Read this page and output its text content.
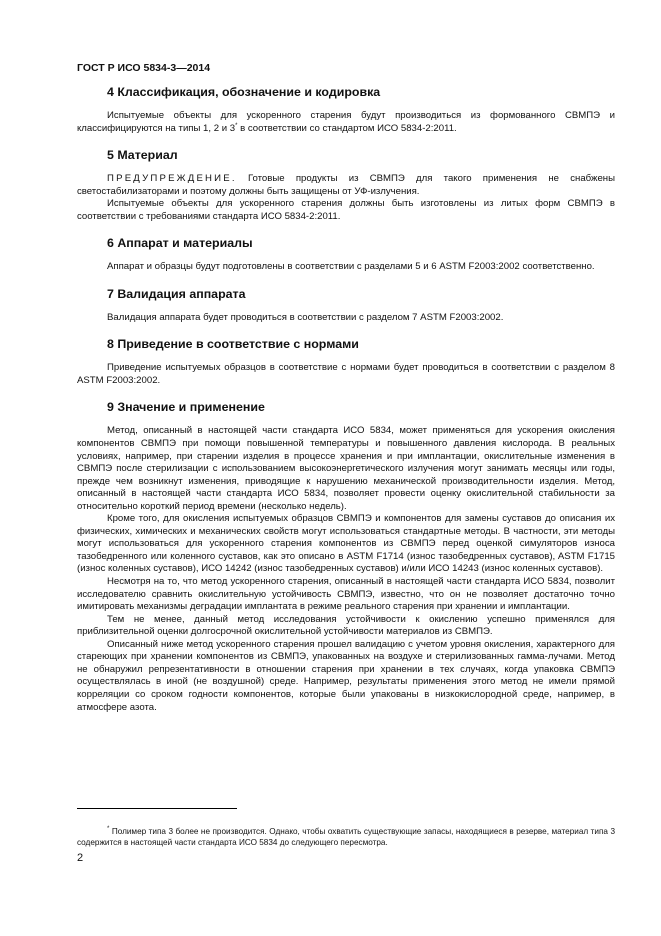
ГОСТ Р ИСО 5834-3—2014
4 Классификация, обозначение и кодировка

Испытуемые объекты для ускоренного старения будут производиться из формованного СВМПЭ и классифицируются на типы 1, 2 и 3* в соответствии со стандартом ИСО 5834-2:2011.

5 Материал

ПРЕДУПРЕЖДЕНИЕ. Готовые продукты из СВМПЭ для такого применения не снабжены светостабилизаторами и поэтому должны быть защищены от УФ-излучения.

Испытуемые объекты для ускоренного старения должны быть изготовлены из литых форм СВМПЭ в соответствии с требованиями стандарта ИСО 5834-2:2011.

6 Аппарат и материалы

Аппарат и образцы будут подготовлены в соответствии с разделами 5 и 6 ASTM F2003:2002 соответственно.

7 Валидация аппарата

Валидация аппарата будет проводиться в соответствии с разделом 7 ASTM F2003:2002.

8 Приведение в соответствие с нормами

Приведение испытуемых образцов в соответствие с нормами будет проводиться в соответствии с разделом 8 ASTM F2003:2002.

9 Значение и применение

Метод, описанный в настоящей части стандарта ИСО 5834, может применяться для ускорения окисления компонентов СВМПЭ при помощи повышенной температуры и повышенного давления кислорода. В реальных условиях, например, при старении изделия в процессе хранения и при имплантации, окислительные изменения в СВМПЭ после стерилизации с использованием высокоэнергетического излучения могут занимать месяцы или годы, прежде чем возникнут изменения, приводящие к нарушению механической производительности изделия. Метод, описанный в настоящей части стандарта ИСО 5834, позволяет провести оценку окислительной стабильности за относительно короткий период времени (несколько недель).

Кроме того, для окисления испытуемых образцов СВМПЭ и компонентов для замены суставов до описания их физических, химических и механических свойств могут использоваться стандартные методы. В частности, эти методы могут использоваться для ускоренного старения компонентов из СВМПЭ перед оценкой симуляторов износа тазобедренного или коленного суставов, как это описано в ASTM F1714 (износ тазобедренных суставов), ASTM F1715 (износ коленных суставов), ИСО 14242 (износ тазобедренных суставов) и/или ИСО 14243 (износ коленных суставов).

Несмотря на то, что метод ускоренного старения, описанный в настоящей части стандарта ИСО 5834, позволит исследователю сравнить окислительную устойчивость СВМПЭ, известно, что он не позволяет достаточно точно имитировать механизмы деградации имплантата в режиме реального старения при хранении и имплантации.

Тем не менее, данный метод исследования устойчивости к окислению успешно применялся для приблизительной оценки долгосрочной окислительной устойчивости материалов из СВМПЭ.

Описанный ниже метод ускоренного старения прошел валидацию с учетом уровня окисления, характерного для стареющих при хранении компонентов из СВМПЭ, упакованных на воздухе и стерилизованных гамма-лучами. Метод не обнаружил репрезентативности в отношении старения при хранении в тех случаях, когда упаковка СВМПЭ осуществлялась в иной (не воздушной) среде. Например, результаты применения этого метод не имели прямой корреляции со сроком годности компонентов, которые были упакованы в низкокислородной среде, например, в атмосфере азота.

* Полимер типа 3 более не производится. Однако, чтобы охватить существующие запасы, находящиеся в резерве, материал типа 3 содержится в настоящей части стандарта ИСО 5834 до следующего пересмотра.

2
